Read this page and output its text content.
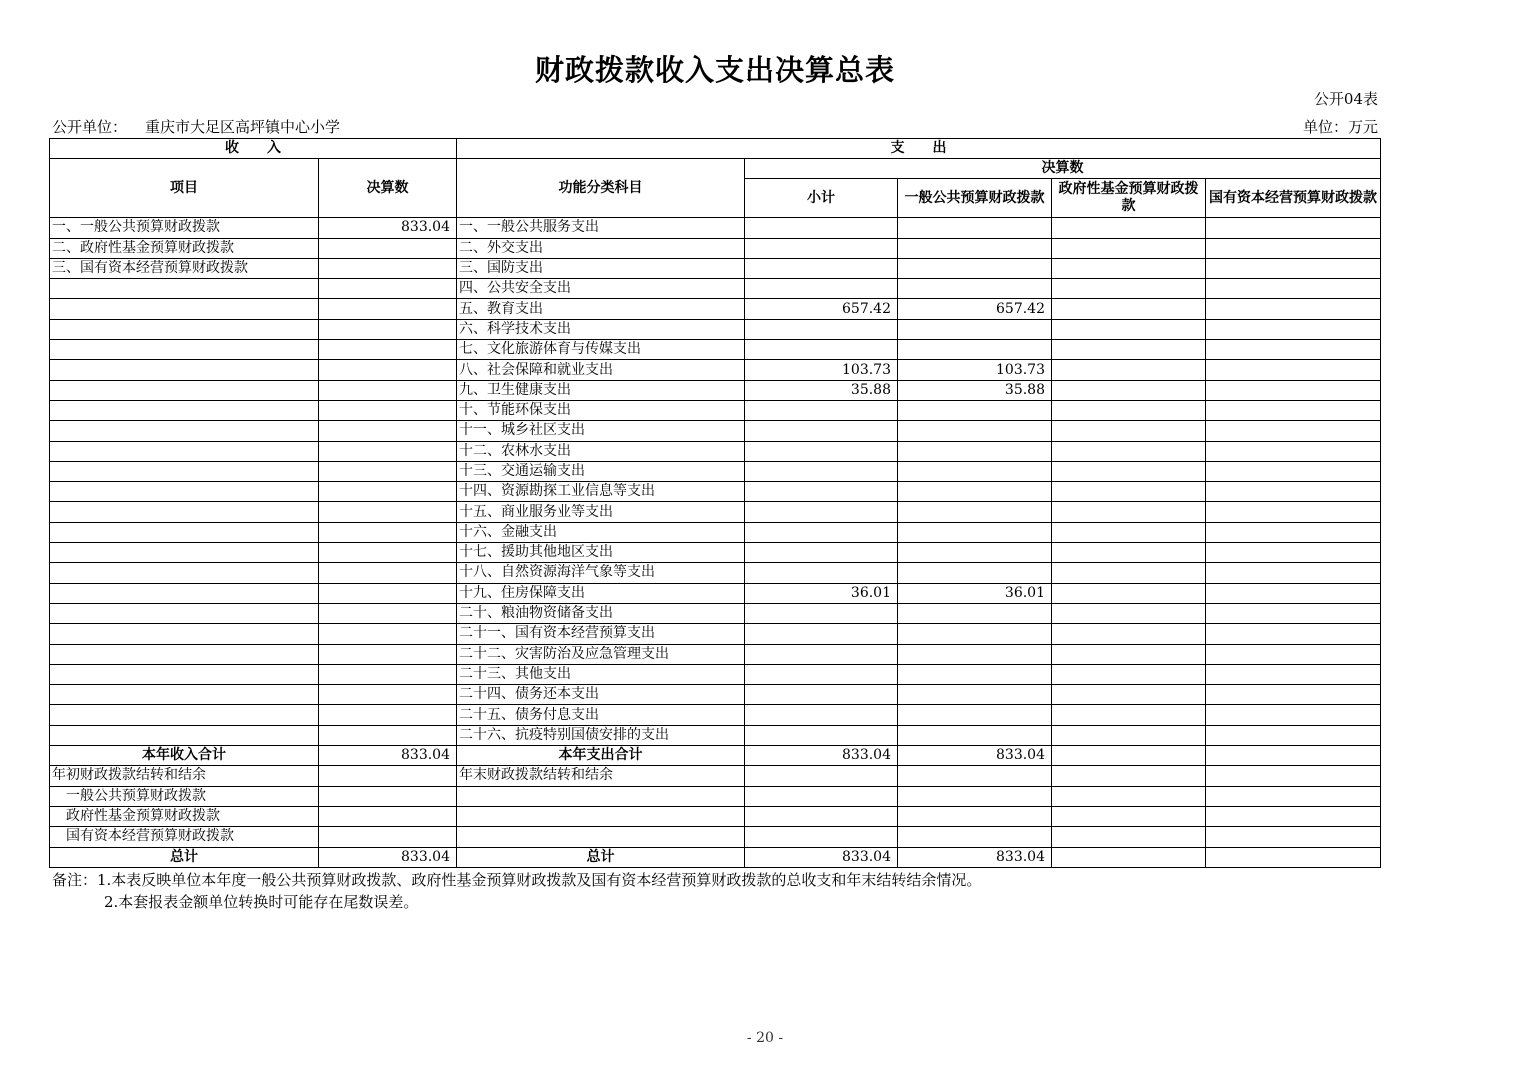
财政拨款收入支出决算总表
公开04表
公开单位： 重庆市大足区高坪镇中心小学	单位：万元
收　　入		支　　出				
项目	决算数	功能分类科目	决算数			
			小计	一般公共预算财政拨款	政府性基金预算财政拨款	国有资本经营预算财政拨款
一、一般公共预算财政拨款	833.04	一、一般公共服务支出				
二、政府性基金预算财政拨款		二、外交支出				
三、国有资本经营预算财政拨款		三、国防支出				
		四、公共安全支出				
		五、教育支出	657.42	657.42		
		六、科学技术支出				
		七、文化旅游体育与传媒支出				
		八、社会保障和就业支出	103.73	103.73		
		九、卫生健康支出	35.88	35.88		
		十、节能环保支出				
		十一、城乡社区支出				
		十二、农林水支出				
		十三、交通运输支出				
		十四、资源勘探工业信息等支出				
		十五、商业服务业等支出				
		十六、金融支出				
		十七、援助其他地区支出				
		十八、自然资源海洋气象等支出				
		十九、住房保障支出	36.01	36.01		
		二十、粮油物资储备支出				
		二十一、国有资本经营预算支出				
		二十二、灾害防治及应急管理支出				
		二十三、其他支出				
		二十四、债务还本支出				
		二十五、债务付息支出				
		二十六、抗疫特别国债安排的支出				
本年收入合计	833.04	本年支出合计	833.04	833.04		
年初财政拨款结转和结余		年末财政拨款结转和结余				
一般公共预算财政拨款						
政府性基金预算财政拨款						
国有资本经营预算财政拨款						
总计	833.04	总计	833.04	833.04		
备注：1.本表反映单位本年度一般公共预算财政拨款、政府性基金预算财政拨款及国有资本经营预算财政拨款的总收支和年末结转结余情况。
2.本套报表金额单位转换时可能存在尾数误差。
- 20 -
